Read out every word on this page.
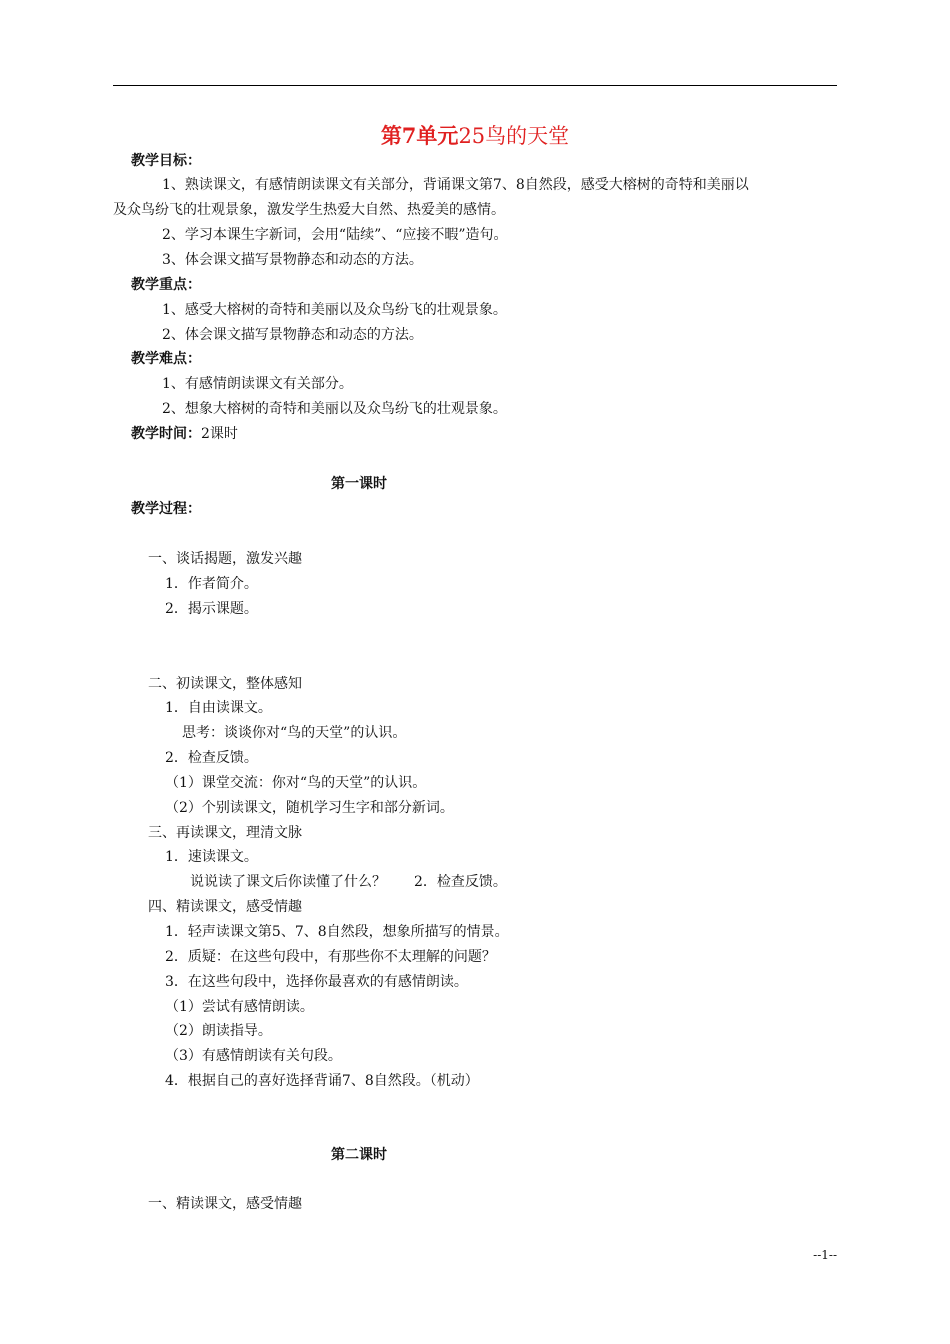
第7单元25鸟的天堂
教学目标：
1、熟读课文，有感情朗读课文有关部分，背诵课文第7、8自然段，感受大榕树的奇特和美丽以
及众鸟纷飞的壮观景象，激发学生热爱大自然、热爱美的感情。
2、学习本课生字新词，会用“陆续”、“应接不暇”造句。
3、体会课文描写景物静态和动态的方法。
教学重点：
1、感受大榕树的奇特和美丽以及众鸟纷飞的壮观景象。
2、体会课文描写景物静态和动态的方法。
教学难点：
1、有感情朗读课文有关部分。
2、想象大榕树的奇特和美丽以及众鸟纷飞的壮观景象。
教学时间：2课时
第一课时
教学过程：
一、谈话揭题，激发兴趣
1．作者简介。
2．揭示课题。
二、初读课文，整体感知
1．自由读课文。
思考：谈谈你对“鸟的天堂”的认识。
2．检查反馈。
（1）课堂交流：你对“鸟的天堂”的认识。
（2）个别读课文，随机学习生字和部分新词。
三、再读课文，理清文脉
1．速读课文。
说说读了课文后你读懂了什么？　　2．检查反馈。
四、精读课文，感受情趣
1．轻声读课文第5、7、8自然段，想象所描写的情景。
2．质疑：在这些句段中，有那些你不太理解的问题？
3．在这些句段中，选择你最喜欢的有感情朗读。
（1）尝试有感情朗读。
（2）朗读指导。
（3）有感情朗读有关句段。
4．根据自己的喜好选择背诵7、8自然段。（机动）
第二课时
一、精读课文，感受情趣
--1--
